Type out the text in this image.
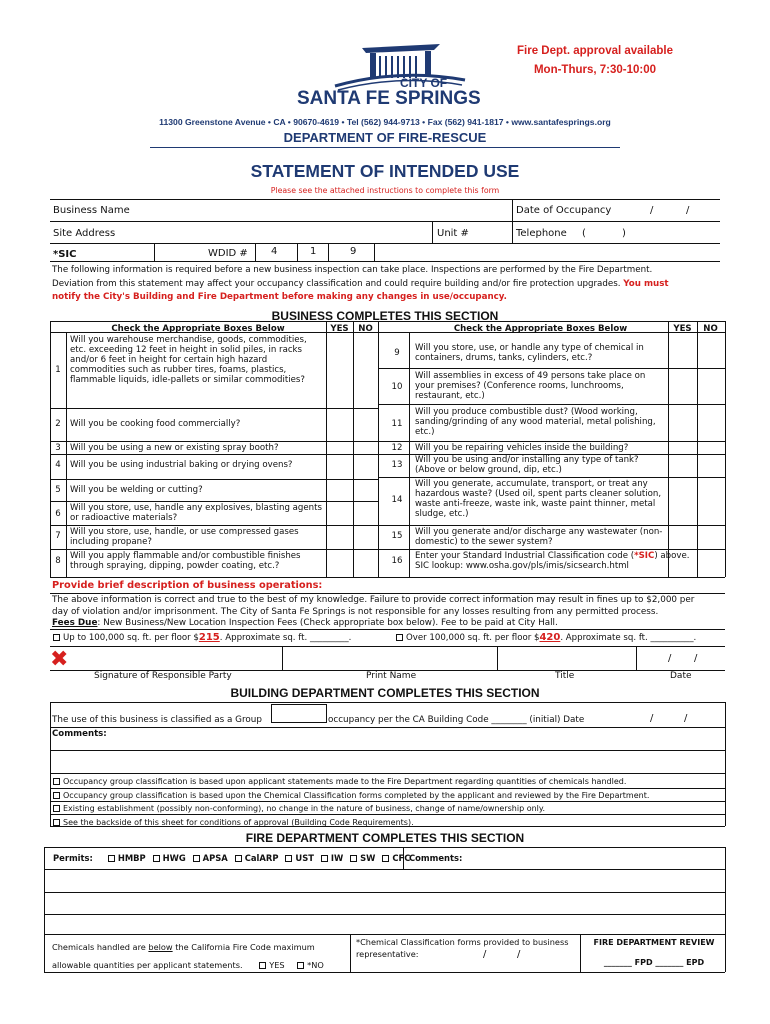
Fire Dept. approval available
Mon-Thurs, 7:30-10:00
CITY OF
SANTA FE SPRINGS
11300 Greenstone Avenue • CA • 90670-4619 • Tel (562) 944-9713 • Fax (562) 941-1817 • www.santafesprings.org
DEPARTMENT OF FIRE-RESCUE
STATEMENT OF INTENDED USE
Please see the attached instructions to complete this form
Business Name	Date of Occupancy	/	/
Site Address	Unit #	Telephone (	)
*SIC	WDID # 4	1	9
The following information is required before a new business inspection can take place. Inspections are performed by the Fire Department.
Deviation from this statement may affect your occupancy classification and could require building and/or fire protection upgrades. You must
notify the City's Building and Fire Department before making any changes in use/occupancy.
BUSINESS COMPLETES THIS SECTION
Check the Appropriate Boxes Below	YES	NO	Check the Appropriate Boxes Below	YES	NO
1
Will you warehouse merchandise, goods, commodities, etc. exceeding 12 feet in height in solid piles, in racks and/or 6 feet in height for certain high hazard commodities such as rubber tires, foams, plastics, flammable liquids, idle-pallets or similar commodities?
2	Will you be cooking food commercially?
3	Will you be using a new or existing spray booth?
4	Will you be using industrial baking or drying ovens?
5	Will you be welding or cutting?
6
Will you store, use, handle any explosives, blasting agents or radioactive materials?
7	Will you store, use, handle, or use compressed gases including propane?
8	Will you apply flammable and/or combustible finishes through spraying, dipping, powder coating, etc.?
9	Will you store, use, or handle any type of chemical in containers, drums, tanks, cylinders, etc.?
10
Will assemblies in excess of 49 persons take place on your premises? (Conference rooms, lunchrooms, restaurant, etc.)
11
Will you produce combustible dust? (Wood working, sanding/grinding of any wood material, metal polishing, etc.)
12	Will you be repairing vehicles inside the building?
13	Will you be using and/or installing any type of tank? (Above or below ground, dip, etc.)
14
Will you generate, accumulate, transport, or treat any hazardous waste? (Used oil, spent parts cleaner solution, waste anti-freeze, waste ink, waste paint thinner, metal sludge, etc.)
15	Will you generate and/or discharge any wastewater (non-domestic) to the sewer system?
16	Enter your Standard Industrial Classification code (*SIC) above.
SIC lookup: www.osha.gov/pls/imis/sicsearch.html
Provide brief description of business operations:
The above information is correct and true to the best of my knowledge. Failure to provide correct information may result in fines up to $2,000 per
day of violation and/or imprisonment. The City of Santa Fe Springs is not responsible for any losses resulting from any permitted process.
Fees Due: New Business/New Location Inspection Fees (Check appropriate box below). Fee to be paid at City Hall.
Up to 100,000 sq. ft. per floor $215. Approximate sq. ft. _________.	Over 100,000 sq. ft. per floor $420. Approximate sq. ft. __________.
✖	/ /
Signature of Responsible Party	Print Name	Title	Date
BUILDING DEPARTMENT COMPLETES THIS SECTION
The use of this business is classified as a Group	occupancy per the CA Building Code ________ (initial) Date	/	/
Comments:
Occupancy group classification is based upon applicant statements made to the Fire Department regarding quantities of chemicals handled.
Occupancy group classification is based upon the Chemical Classification forms completed by the applicant and reviewed by the Fire Department.
Existing establishment (possibly non-conforming), no change in the nature of business, change of name/ownership only.
See the backside of this sheet for conditions of approval (Building Code Requirements).
FIRE DEPARTMENT COMPLETES THIS SECTION
Permits:	HMBP HWG APSA CalARP UST IW SW CFC
Comments:
Chemicals handled are below the California Fire Code maximum
allowable quantities per applicant statements.	YES	*NO
*Chemical Classification forms provided to business representative:	/	/
FIRE DEPARTMENT REVIEW
_______ FPD _______ EPD
